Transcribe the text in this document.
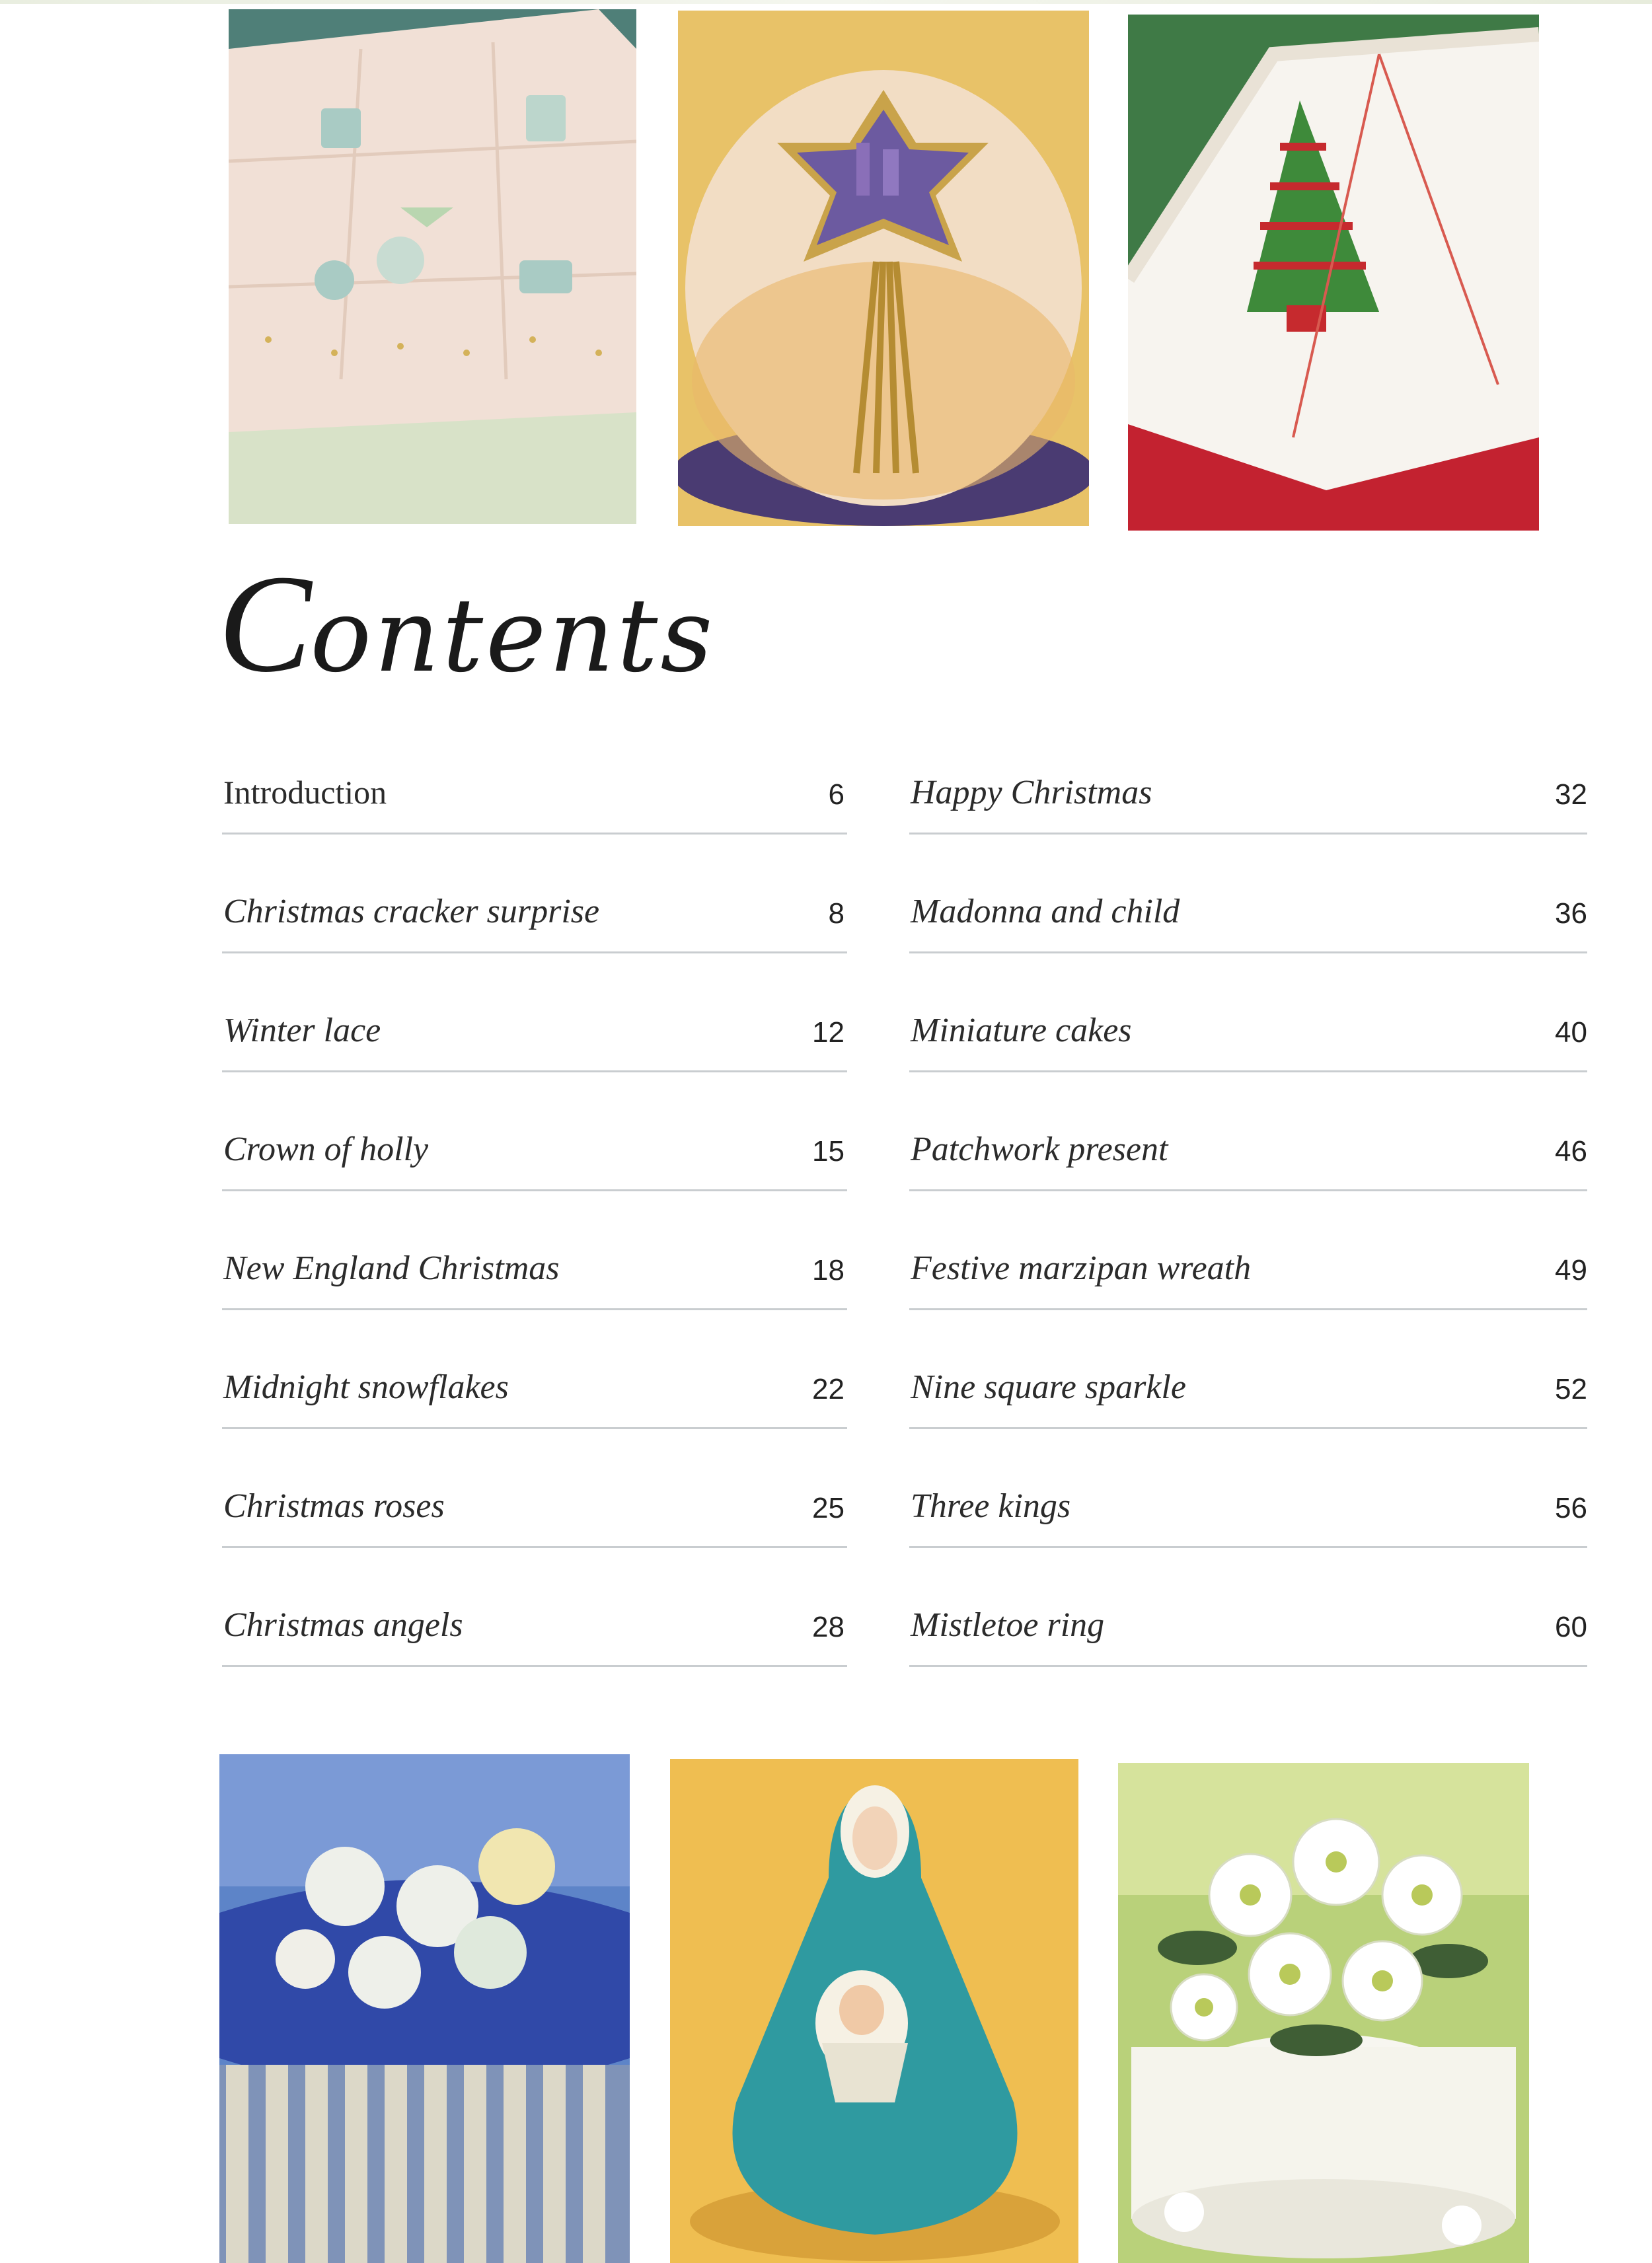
Contents
Introduction	6
Christmas cracker surprise	8
Winter lace	12
Crown of holly	15
New England Christmas	18
Midnight snowflakes	22
Christmas roses	25
Christmas angels	28
Happy Christmas	32
Madonna and child	36
Miniature cakes	40
Patchwork present	46
Festive marzipan wreath	49
Nine square sparkle	52
Three kings	56
Mistletoe ring	60
